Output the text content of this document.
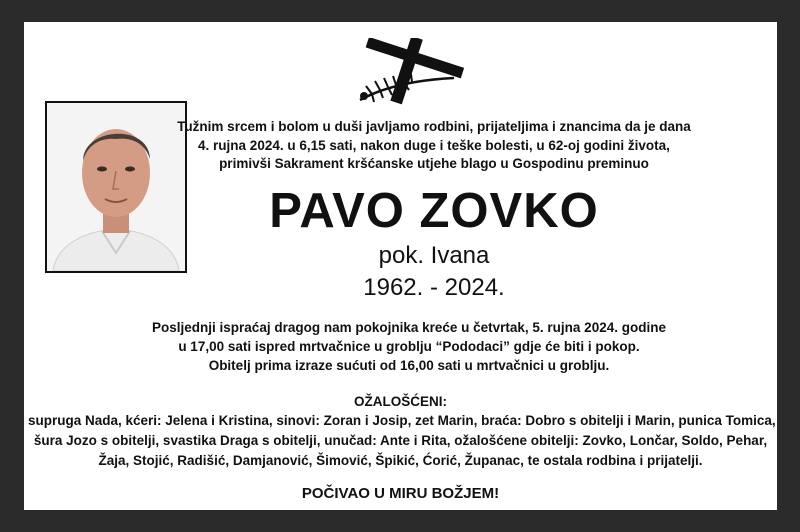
Tužnim srcem i bolom u duši javljamo rodbini, prijateljima i znancima da je dana
4. rujna 2024. u 6,15 sati, nakon duge i teške bolesti, u 62-oj godini života,
primivši Sakrament kršćanske utjehe blago u Gospodinu preminuo
PAVO ZOVKO
pok. Ivana
1962. - 2024.
Posljednji ispraćaj dragog nam pokojnika kreće u četvrtak, 5. rujna 2024. godine
u 17,00 sati ispred mrtvačnice u groblju “Pododaci” gdje će biti i pokop.
Obitelj prima izraze sućuti od 16,00 sati u mrtvačnici u groblju.
OŽALOŠĆENI:
supruga Nada, kćeri: Jelena i Kristina, sinovi: Zoran i Josip, zet Marin, braća: Dobro s obitelji i Marin, punica Tomica,
šura Jozo s obitelji, svastika Draga s obitelji, unučad: Ante i Rita, ožalošćene obitelji: Zovko, Lončar, Soldo, Pehar,
Žaja, Stojić, Radišić, Damjanović, Šimović, Špikić, Ćorić, Županac, te ostala rodbina i prijatelji.
POČIVAO U MIRU BOŽJEM!
